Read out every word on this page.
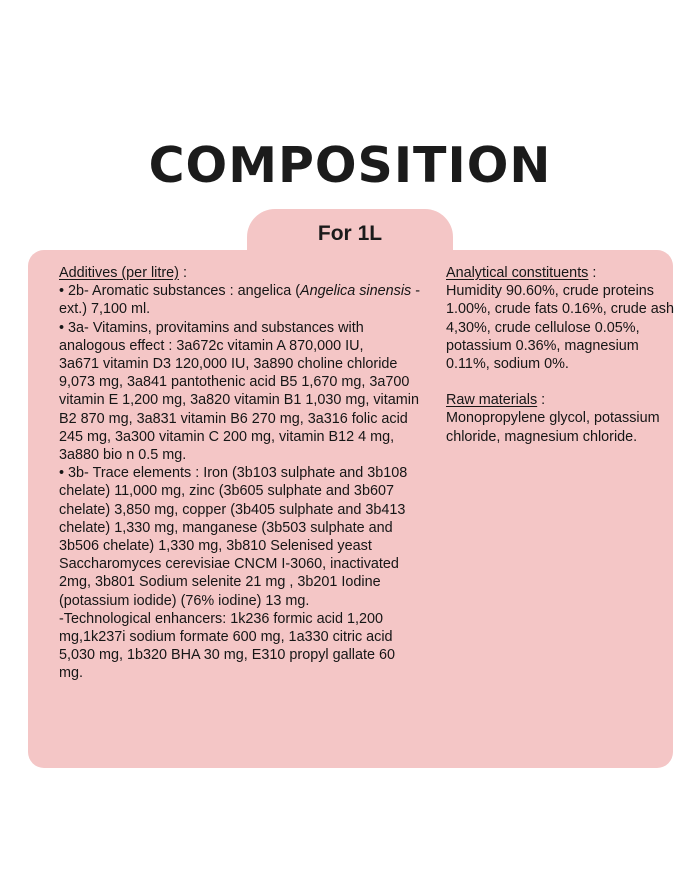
COMPOSITION
For 1L

Additives (per litre) :

• 2b- Aromatic substances : angelica (Angelica sinensis - ext.) 7,100 ml.

• 3a- Vitamins, provitamins and substances with analogous effect : 3a672c vitamin A 870,000 IU,

3a671 vitamin D3 120,000 IU, 3a890 choline chloride 9,073 mg, 3a841 pantothenic acid B5 1,670 mg, 3a700 vitamin E 1,200 mg, 3a820 vitamin B1 1,030 mg, vitamin B2 870 mg, 3a831 vitamin B6 270 mg, 3a316 folic acid 245 mg, 3a300 vitamin C 200 mg, vitamin B12 4 mg, 3a880 bio n 0.5 mg.

• 3b- Trace elements : Iron (3b103 sulphate and 3b108 chelate) 11,000 mg, zinc (3b605 sulphate and 3b607 chelate) 3,850 mg, copper (3b405 sulphate and 3b413 chelate) 1,330 mg, manganese (3b503 sulphate and 3b506 chelate) 1,330 mg, 3b810 Selenised yeast Saccharomyces cerevisiae CNCM I-3060, inactivated 2mg, 3b801 Sodium selenite 21 mg , 3b201 Iodine (potassium iodide) (76% iodine) 13 mg.

-Technological enhancers: 1k236 formic acid 1,200 mg,1k237i sodium formate 600 mg, 1a330 citric acid 5,030 mg, 1b320 BHA 30 mg, E310 propyl gallate 60 mg.

Analytical constituents :

Humidity 90.60%, crude proteins 1.00%, crude fats 0.16%, crude ash 4,30%, crude cellulose 0.05%, potassium 0.36%, magnesium 0.11%, sodium 0%.

Raw materials :

Monopropylene glycol, potassium chloride, magnesium chloride.
